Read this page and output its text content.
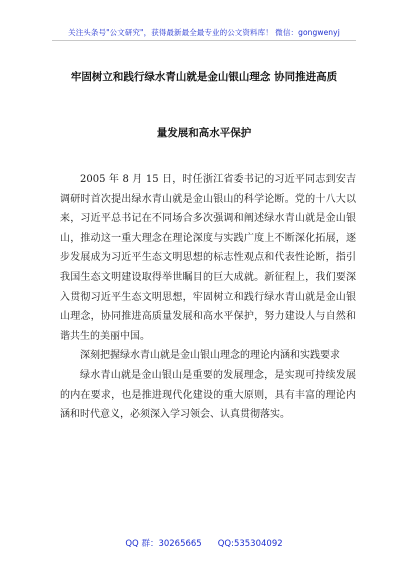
关注头条号"公文研究"，获得最新最全最专业的公文资料库！ 微信：gongwenyj
牢固树立和践行绿水青山就是金山银山理念 协同推进高质
量发展和高水平保护

2005 年 8 月 15 日，时任浙江省委书记的习近平同志到安吉调研时首次提出绿水青山就是金山银山的科学论断。党的十八大以来，习近平总书记在不同场合多次强调和阐述绿水青山就是金山银山，推动这一重大理念在理论深度与实践广度上不断深化拓展，逐步发展成为习近平生态文明思想的标志性观点和代表性论断，指引我国生态文明建设取得举世瞩目的巨大成就。新征程上，我们要深入贯彻习近平生态文明思想，牢固树立和践行绿水青山就是金山银山理念，协同推进高质量发展和高水平保护，努力建设人与自然和谐共生的美丽中国。

深刻把握绿水青山就是金山银山理念的理论内涵和实践要求

绿水青山就是金山银山是重要的发展理念，是实现可持续发展的内在要求，也是推进现代化建设的重大原则，具有丰富的理论内涵和时代意义，必须深入学习领会、认真贯彻落实。

QQ 群：30265665 QQ:535304092
